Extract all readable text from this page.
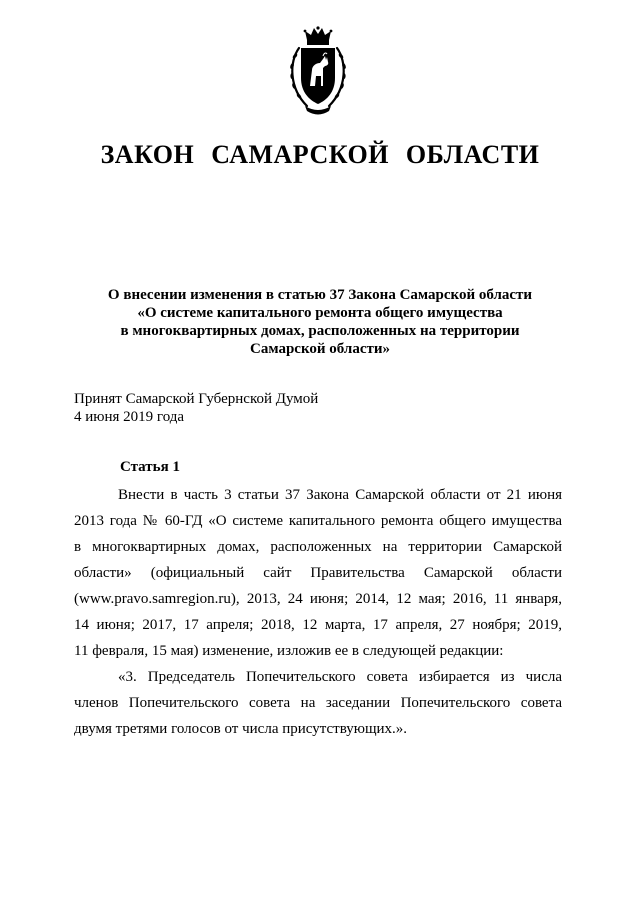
ЗАКОН САМАРСКОЙ ОБЛАСТИ
О внесении изменения в статью 37 Закона Самарской области
«О системе капитального ремонта общего имущества
в многоквартирных домах, расположенных на территории
Самарской области»
Принят Самарской Губернской Думой
4 июня 2019 года
Статья 1

Внести в часть 3 статьи 37 Закона Самарской области от 21 июня
2013 года № 60-ГД «О системе капитального ремонта общего имущества
в многоквартирных домах, расположенных на территории Самарской
области» (официальный сайт Правительства Самарской области
(www.pravo.samregion.ru), 2013, 24 июня; 2014, 12 мая; 2016, 11 января,
14 июня; 2017, 17 апреля; 2018, 12 марта, 17 апреля, 27 ноября; 2019,
11 февраля, 15 мая) изменение, изложив ее в следующей редакции:

«3. Председатель Попечительского совета избирается из числа
членов Попечительского совета на заседании Попечительского совета
двумя третями голосов от числа присутствующих.».
